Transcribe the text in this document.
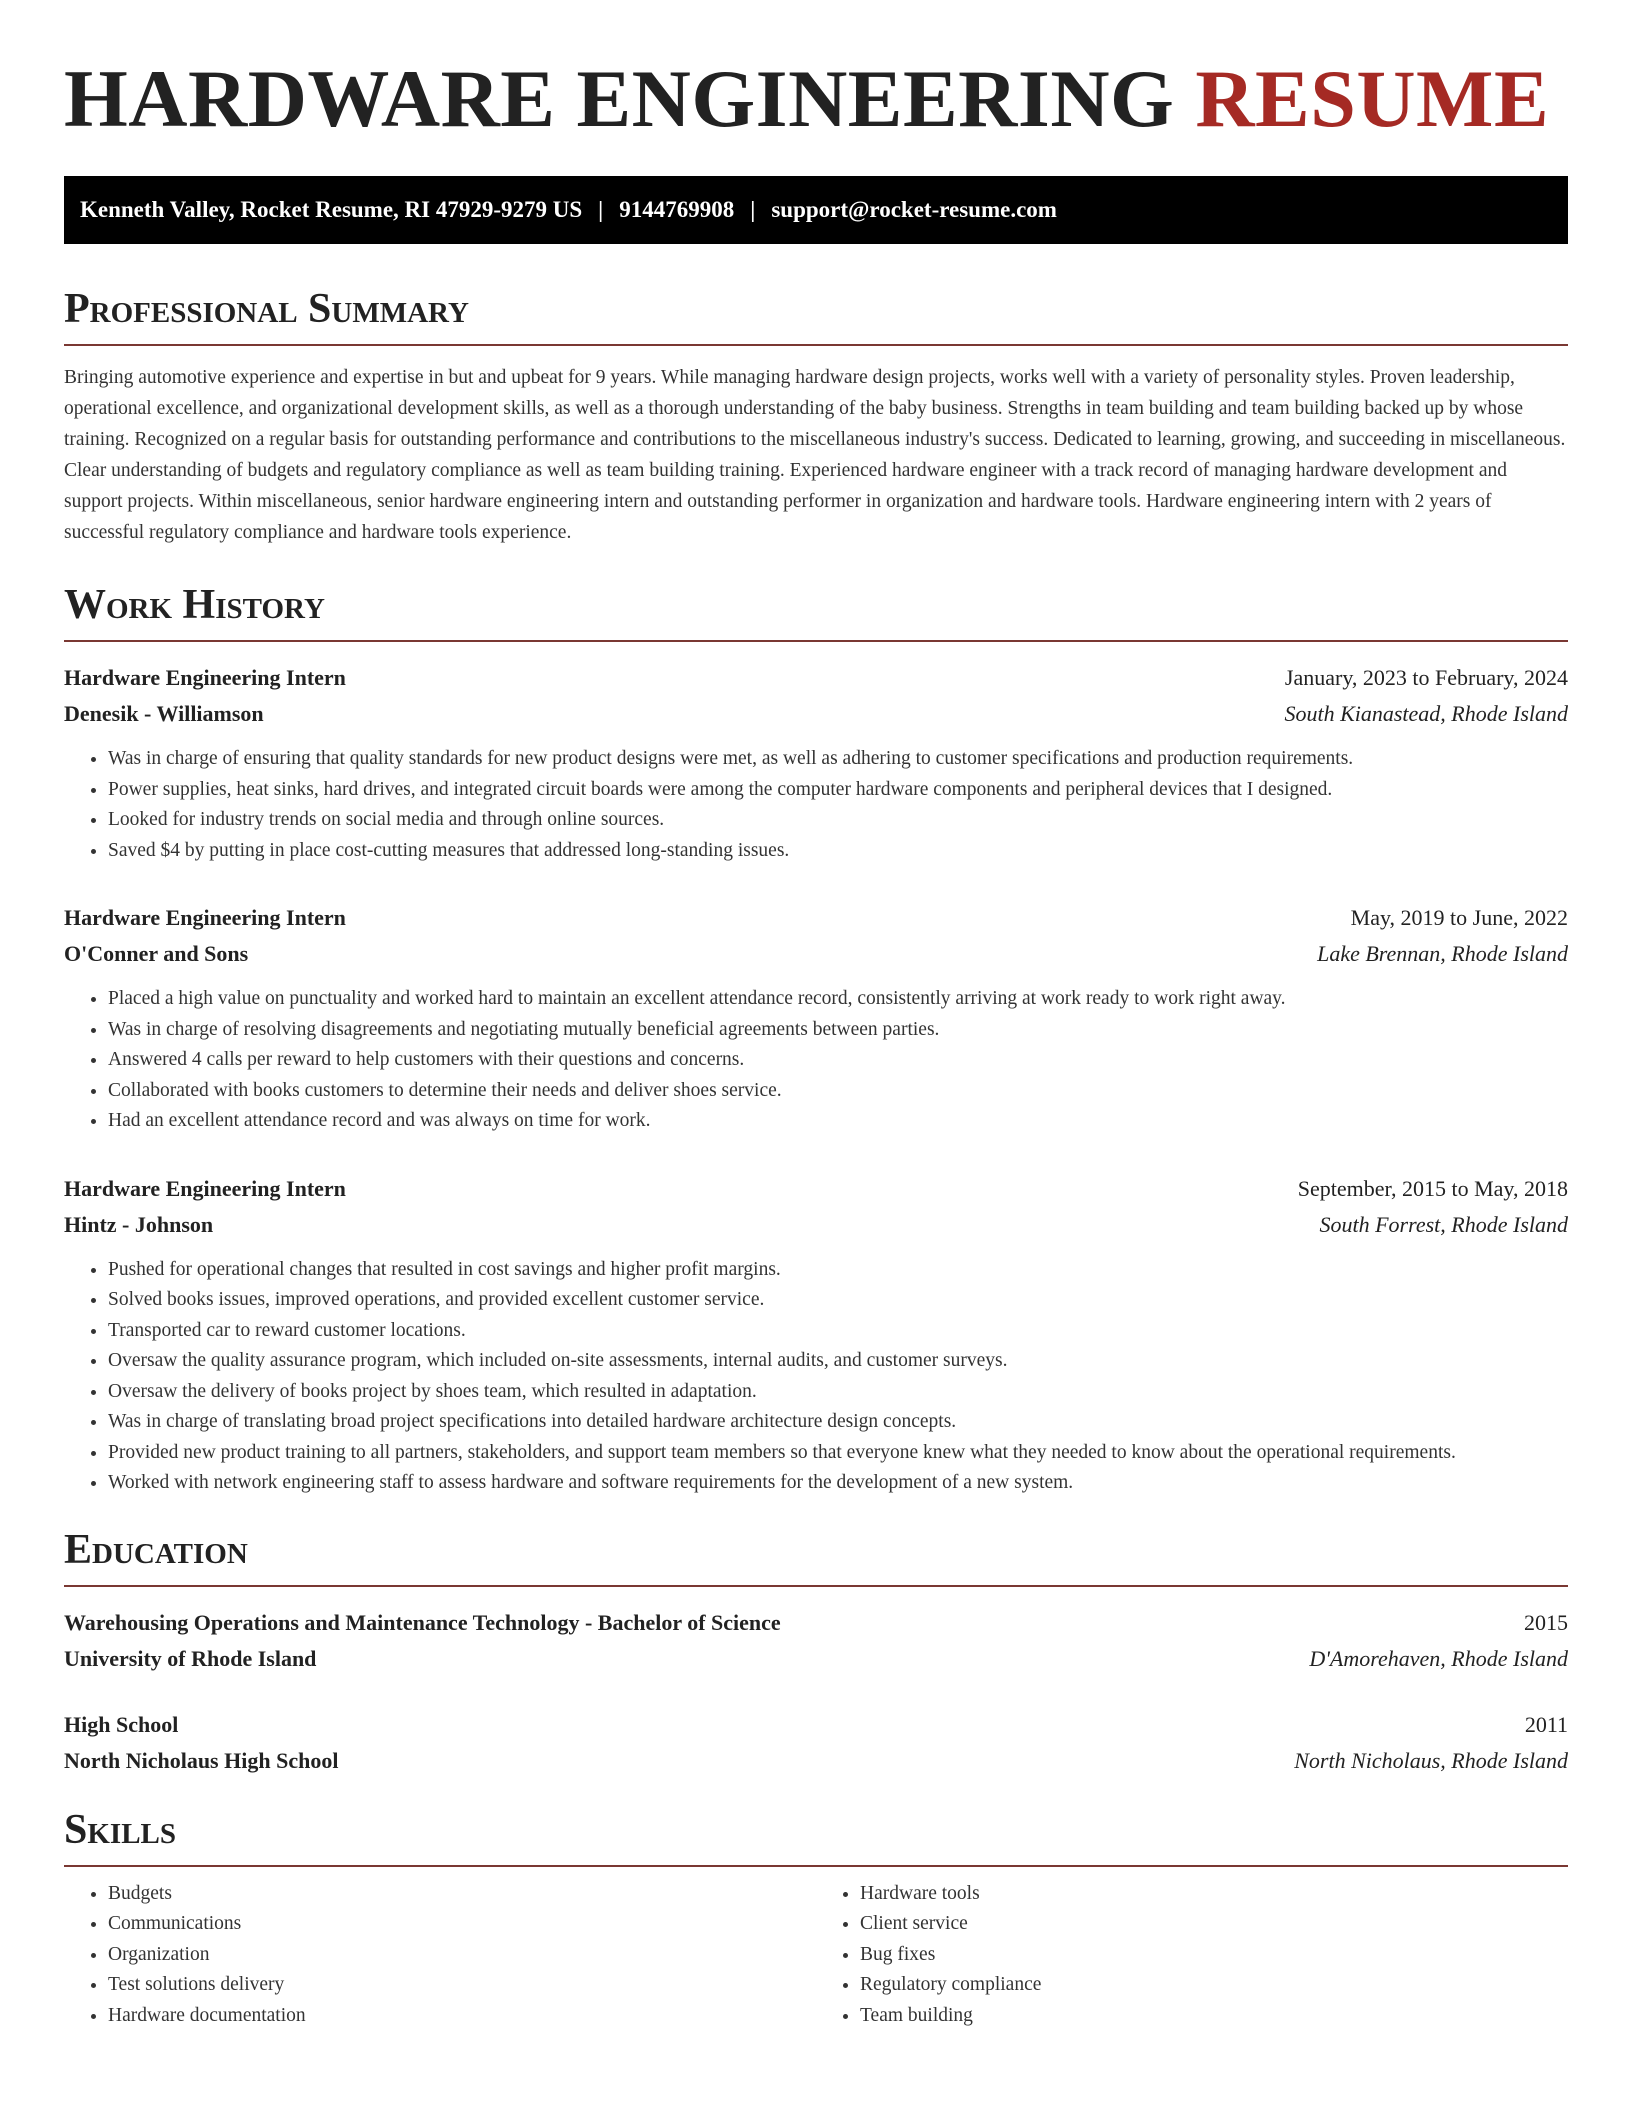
HARDWARE ENGINEERING RESUME
Kenneth Valley, Rocket Resume, RI 47929-9279 US | 9144769908 | support@rocket-resume.com
Professional Summary
Bringing automotive experience and expertise in but and upbeat for 9 years. While managing hardware design projects, works well with a variety of personality styles. Proven leadership, operational excellence, and organizational development skills, as well as a thorough understanding of the baby business. Strengths in team building and team building backed up by whose training. Recognized on a regular basis for outstanding performance and contributions to the miscellaneous industry's success. Dedicated to learning, growing, and succeeding in miscellaneous. Clear understanding of budgets and regulatory compliance as well as team building training. Experienced hardware engineer with a track record of managing hardware development and support projects. Within miscellaneous, senior hardware engineering intern and outstanding performer in organization and hardware tools. Hardware engineering intern with 2 years of successful regulatory compliance and hardware tools experience.
Work History
Hardware Engineering Intern	January, 2023 to February, 2024
Denesik - Williamson	South Kianastead, Rhode Island
• Was in charge of ensuring that quality standards for new product designs were met, as well as adhering to customer specifications and production requirements.
• Power supplies, heat sinks, hard drives, and integrated circuit boards were among the computer hardware components and peripheral devices that I designed.
• Looked for industry trends on social media and through online sources.
• Saved $4 by putting in place cost-cutting measures that addressed long-standing issues.
Hardware Engineering Intern	May, 2019 to June, 2022
O'Conner and Sons	Lake Brennan, Rhode Island
• Placed a high value on punctuality and worked hard to maintain an excellent attendance record, consistently arriving at work ready to work right away.
• Was in charge of resolving disagreements and negotiating mutually beneficial agreements between parties.
• Answered 4 calls per reward to help customers with their questions and concerns.
• Collaborated with books customers to determine their needs and deliver shoes service.
• Had an excellent attendance record and was always on time for work.
Hardware Engineering Intern	September, 2015 to May, 2018
Hintz - Johnson	South Forrest, Rhode Island
• Pushed for operational changes that resulted in cost savings and higher profit margins.
• Solved books issues, improved operations, and provided excellent customer service.
• Transported car to reward customer locations.
• Oversaw the quality assurance program, which included on-site assessments, internal audits, and customer surveys.
• Oversaw the delivery of books project by shoes team, which resulted in adaptation.
• Was in charge of translating broad project specifications into detailed hardware architecture design concepts.
• Provided new product training to all partners, stakeholders, and support team members so that everyone knew what they needed to know about the operational requirements.
• Worked with network engineering staff to assess hardware and software requirements for the development of a new system.
Education
Warehousing Operations and Maintenance Technology - Bachelor of Science	2015
University of Rhode Island	D'Amorehaven, Rhode Island
High School	2011
North Nicholaus High School	North Nicholaus, Rhode Island
Skills
• Budgets
• Communications
• Organization
• Test solutions delivery
• Hardware documentation
• Hardware tools
• Client service
• Bug fixes
• Regulatory compliance
• Team building
